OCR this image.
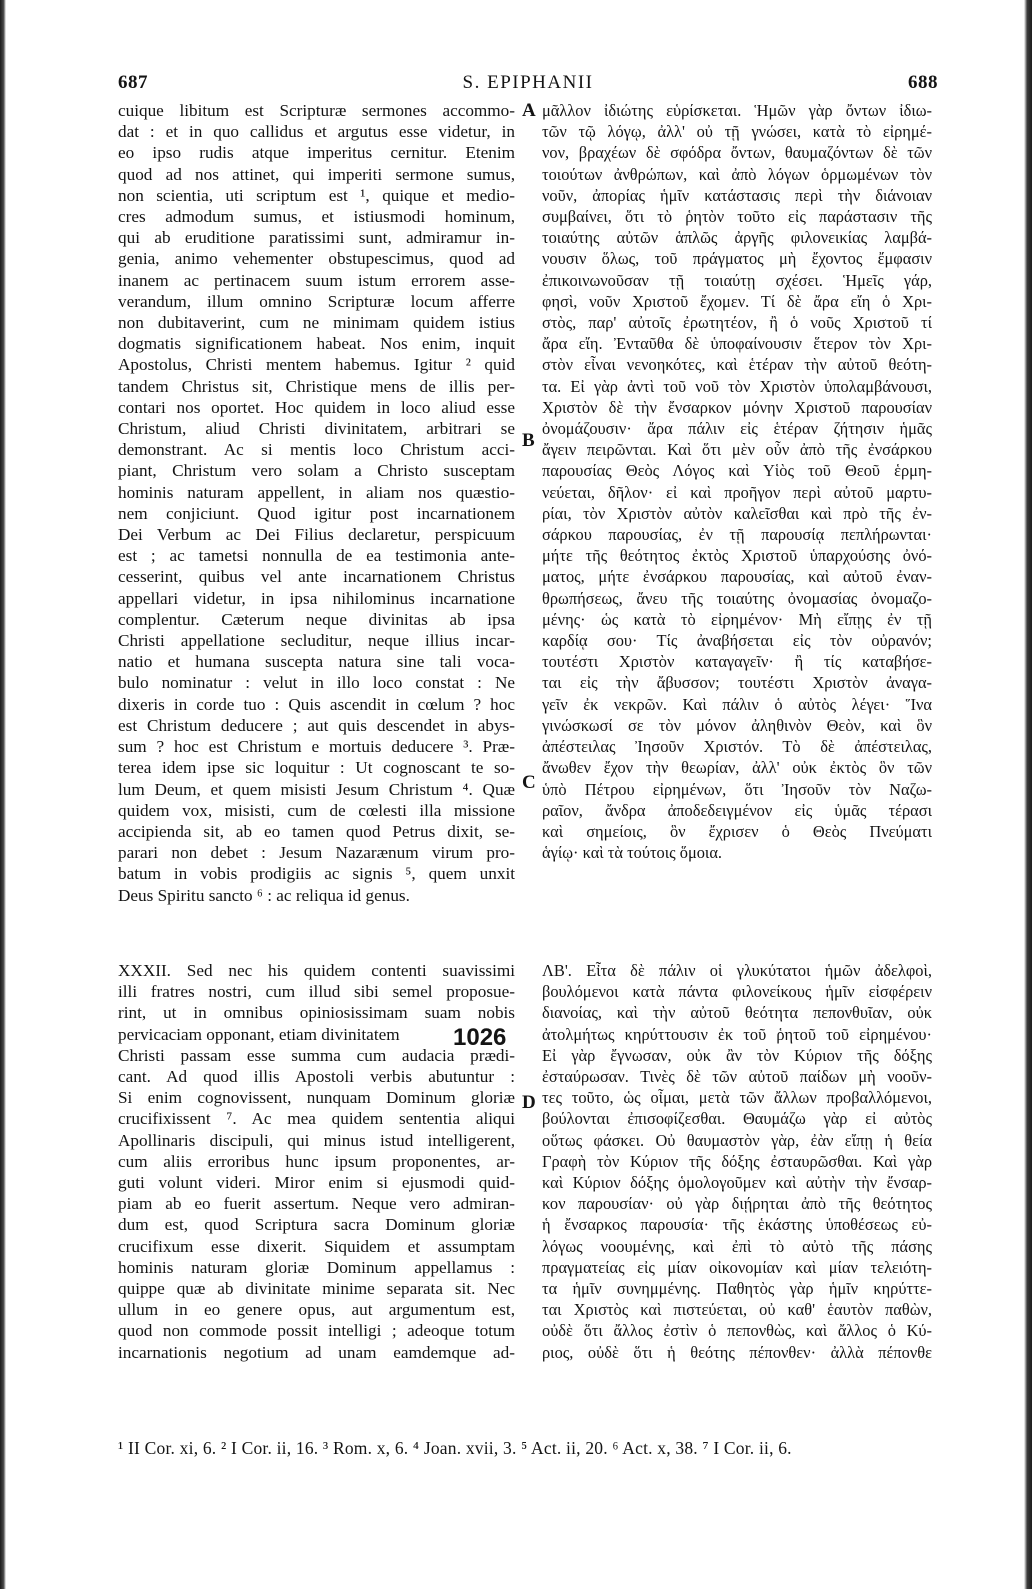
S. EPIPHANII
687	688
cuique libitum est Scripturæ sermones accommo-
dat : et in quo callidus et argutus esse videtur, in
eo ipso rudis atque imperitus cernitur. Etenim
quod ad nos attinet, qui imperiti sermone sumus,
non scientia, uti scriptum est ¹, quique et medio-
cres admodum sumus, et istiusmodi hominum,
qui ab eruditione paratissimi sunt, admiramur in-
genia, animo vehementer obstupescimus, quod ad
inanem ac pertinacem suum istum errorem asse-
verandum, illum omnino Scripturæ locum afferre
non dubitaverint, cum ne minimam quidem istius
dogmatis significationem habeat. Nos enim, inquit
Apostolus, Christi mentem habemus. Igitur ² quid
tandem Christus sit, Christique mens de illis per-
contari nos oportet. Hoc quidem in loco aliud esse
Christum, aliud Christi divinitatem, arbitrari se
demonstrant. Ac si mentis loco Christum acci-
piant, Christum vero solam a Christo susceptam
hominis naturam appellent, in aliam nos quæstio-
nem conjiciunt. Quod igitur post incarnationem
Dei Verbum ac Dei Filius declaretur, perspicuum
est ; ac tametsi nonnulla de ea testimonia ante-
cesserint, quibus vel ante incarnationem Christus
appellari videtur, in ipsa nihilominus incarnatione
complentur. Cæterum neque divinitas ab ipsa
Christi appellatione secluditur, neque illius incar-
natio et humana suscepta natura sine tali voca-
bulo nominatur : velut in illo loco constat : Ne
dixeris in corde tuo : Quis ascendit in cœlum ? hoc
est Christum deducere ; aut quis descendet in abys-
sum ? hoc est Christum e mortuis deducere ³. Præ-
terea idem ipse sic loquitur : Ut cognoscant te so-
lum Deum, et quem misisti Jesum Christum ⁴. Quæ
quidem vox, misisti, cum de cœlesti illa missione
accipienda sit, ab eo tamen quod Petrus dixit, se-
parari non debet : Jesum Nazarænum virum pro-
batum in vobis prodigiis ac signis ⁵, quem unxit
Deus Spiritu sancto ⁶ : ac reliqua id genus.
μᾶλλον ἰδιώτης εὑρίσκεται. Ἡμῶν γὰρ ὄντων ἰδιω-
τῶν τῷ λόγῳ, ἀλλ' οὐ τῇ γνώσει, κατὰ τὸ εἰρημέ-
νον, βραχέων δὲ σφόδρα ὄντων, θαυμαζόντων δὲ τῶν
τοιούτων ἀνθρώπων, καὶ ἀπὸ λόγων ὁρμωμένων τὸν
νοῦν, ἀπορίας ἡμῖν κατάστασις περὶ τὴν διάνοιαν
συμβαίνει, ὅτι τὸ ῥητὸν τοῦτο εἰς παράστασιν τῆς
τοιαύτης αὐτῶν ἁπλῶς ἀργῆς φιλονεικίας λαμβά-
νουσιν ὅλως, τοῦ πράγματος μὴ ἔχοντος ἔμφασιν
ἐπικοινωνοῦσαν τῇ τοιαύτῃ σχέσει. Ἡμεῖς γάρ,
φησὶ, νοῦν Χριστοῦ ἔχομεν. Τί δὲ ἄρα εἴη ὁ Χρι-
στὸς, παρ' αὐτοῖς ἐρωτητέον, ἢ ὁ νοῦς Χριστοῦ τί
ἄρα εἴη. Ἐνταῦθα δὲ ὑποφαίνουσιν ἕτερον τὸν Χρι-
στὸν εἶναι νενοηκότες, καὶ ἑτέραν τὴν αὐτοῦ θεότη-
τα. Εἰ γὰρ ἀντὶ τοῦ νοῦ τὸν Χριστὸν ὑπολαμβάνουσι,
Χριστὸν δὲ τὴν ἔνσαρκον μόνην Χριστοῦ παρουσίαν
ὀνομάζουσιν· ἄρα πάλιν εἰς ἑτέραν ζήτησιν ἡμᾶς
ἄγειν πειρῶνται. Καὶ ὅτι μὲν οὖν ἀπὸ τῆς ἐνσάρκου
παρουσίας Θεὸς Λόγος καὶ Υἱὸς τοῦ Θεοῦ ἑρμη-
νεύεται, δῆλον· εἰ καὶ προῆγον περὶ αὐτοῦ μαρτυ-
ρίαι, τὸν Χριστὸν αὐτὸν καλεῖσθαι καὶ πρὸ τῆς ἐν-
σάρκου παρουσίας, ἐν τῇ παρουσίᾳ πεπλήρωνται·
μήτε τῆς θεότητος ἐκτὸς Χριστοῦ ὑπαρχούσης ὀνό-
ματος, μήτε ἐνσάρκου παρουσίας, καὶ αὐτοῦ ἐναν-
θρωπήσεως, ἄνευ τῆς τοιαύτης ὀνομασίας ὀνομαζο-
μένης· ὡς κατὰ τὸ εἰρημένον· Μὴ εἴπῃς ἐν τῇ
καρδίᾳ σου· Τίς ἀναβήσεται εἰς τὸν οὐρανόν;
τουτέστι Χριστὸν καταγαγεῖν· ἢ τίς καταβήσε-
ται εἰς τὴν ἄβυσσον; τουτέστι Χριστὸν ἀναγα-
γεῖν ἐκ νεκρῶν. Καὶ πάλιν ὁ αὐτὸς λέγει· Ἵνα
γινώσκωσί σε τὸν μόνον ἀληθινὸν Θεὸν, καὶ ὃν
ἀπέστειλας Ἰησοῦν Χριστόν. Τὸ δὲ ἀπέστειλας,
ἄνωθεν ἔχον τὴν θεωρίαν, ἀλλ' οὐκ ἐκτὸς ὃν τῶν
ὑπὸ Πέτρου εἰρημένων, ὅτι Ἰησοῦν τὸν Ναζω-
ραῖον, ἄνδρα ἀποδεδειγμένον εἰς ὑμᾶς τέρασι
καὶ σημείοις, ὃν ἔχρισεν ὁ Θεὸς Πνεύματι
ἁγίῳ· καὶ τὰ τούτοις ὅμοια.
XXXII. Sed nec his quidem contenti suavissimi
illi fratres nostri, cum illud sibi semel proposue-
rint, ut in omnibus opiniosissimam suam nobis
pervicaciam opponant, etiam divinitatem
Christi passam esse summa cum audacia prædi-
cant. Ad quod illis Apostoli verbis abutuntur :
Si enim cognovissent, nunquam Dominum gloriæ
crucifixissent ⁷. Ac mea quidem sententia aliqui
Apollinaris discipuli, qui minus istud intelligerent,
cum aliis erroribus hunc ipsum proponentes, ar-
guti volunt videri. Miror enim si ejusmodi quid-
piam ab eo fuerit assertum. Neque vero admiran-
dum est, quod Scriptura sacra Dominum gloriæ
crucifixum esse dixerit. Siquidem et assumptam
hominis naturam gloriæ Dominum appellamus :
quippe quæ ab divinitate minime separata sit. Nec
ullum in eo genere opus, aut argumentum est,
quod non commode possit intelligi ; adeoque totum
incarnationis negotium ad unam eamdemque ad-
ΛΒ'. Εἶτα δὲ πάλιν οἱ γλυκύτατοι ἡμῶν ἀδελφοὶ,
βουλόμενοι κατὰ πάντα φιλονείκους ἡμῖν εἰσφέρειν
διανοίας, καὶ τὴν αὐτοῦ θεότητα πεπονθυῖαν, οὐκ
ἀτολμήτως κηρύττουσιν ἐκ τοῦ ῥητοῦ τοῦ εἰρημένου·
Εἰ γὰρ ἔγνωσαν, οὐκ ἂν τὸν Κύριον τῆς δόξης
ἐσταύρωσαν. Τινὲς δὲ τῶν αὐτοῦ παίδων μὴ νοοῦν-
τες τοῦτο, ὡς οἶμαι, μετὰ τῶν ἄλλων προβαλλόμενοι,
βούλονται ἐπισοφίζεσθαι. Θαυμάζω γὰρ εἰ αὐτὸς
οὕτως φάσκει. Οὐ θαυμαστὸν γὰρ, ἐὰν εἴπῃ ἡ θεία
Γραφὴ τὸν Κύριον τῆς δόξης ἐσταυρῶσθαι. Καὶ γὰρ
καὶ Κύριον δόξης ὁμολογοῦμεν καὶ αὐτὴν τὴν ἔνσαρ-
κον παρουσίαν· οὐ γὰρ διῄρηται ἀπὸ τῆς θεότητος
ἡ ἔνσαρκος παρουσία· τῆς ἑκάστης ὑποθέσεως εὐ-
λόγως νοουμένης, καὶ ἐπὶ τὸ αὐτὸ τῆς πάσης
πραγματείας εἰς μίαν οἰκονομίαν καὶ μίαν τελειότη-
τα ἡμῖν συνημμένης. Παθητὸς γὰρ ἡμῖν κηρύττε-
ται Χριστὸς καὶ πιστεύεται, οὐ καθ' ἑαυτὸν παθὼν,
οὐδὲ ὅτι ἄλλος ἐστὶν ὁ πεπονθὼς, καὶ ἄλλος ὁ Κύ-
ριος, οὐδὲ ὅτι ἡ θεότης πέπονθεν· ἀλλὰ πέπονθε
A
B
C
D
1026
¹ II Cor. xi, 6. ² I Cor. ii, 16. ³ Rom. x, 6. ⁴ Joan. xvii, 3. ⁵ Act. ii, 20. ⁶ Act. x, 38. ⁷ I Cor. ii, 6.
